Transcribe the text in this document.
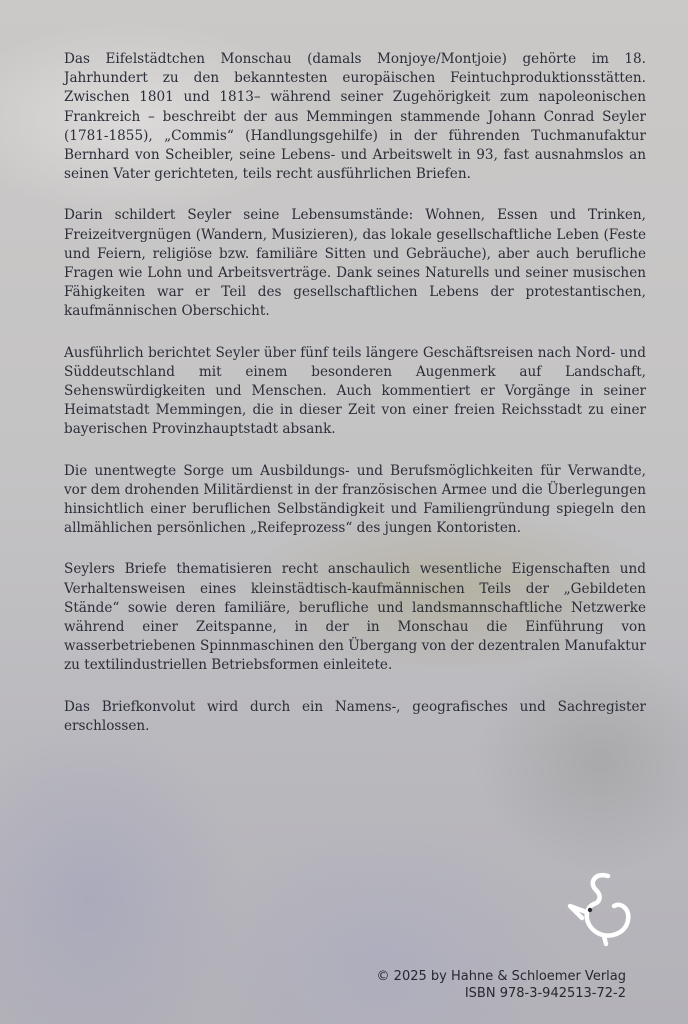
Das Eifelstädtchen Monschau (damals Monjoye/Montjoie) gehörte im 18. Jahrhundert zu den bekanntesten europäischen Feintuchproduktionsstätten. Zwischen 1801 und 1813– während seiner Zugehörigkeit zum napoleonischen Frankreich – beschreibt der aus Memmingen stammende Johann Conrad Seyler (1781-1855), „Commis“ (Handlungsgehilfe) in der führenden Tuchmanufaktur Bernhard von Scheibler, seine Lebens- und Arbeitswelt in 93, fast ausnahmslos an seinen Vater gerichteten, teils recht ausführlichen Briefen.

Darin schildert Seyler seine Lebensumstände: Wohnen, Essen und Trinken, Freizeitvergnügen (Wandern, Musizieren), das lokale gesellschaftliche Leben (Feste und Feiern, religiöse bzw. familiäre Sitten und Gebräuche), aber auch berufliche Fragen wie Lohn und Arbeitsverträge. Dank seines Naturells und seiner musischen Fähigkeiten war er Teil des gesellschaftlichen Lebens der protestantischen, kaufmännischen Oberschicht.

Ausführlich berichtet Seyler über fünf teils längere Geschäftsreisen nach Nord- und Süddeutschland mit einem besonderen Augenmerk auf Landschaft, Sehenswürdigkeiten und Menschen. Auch kommentiert er Vorgänge in seiner Heimatstadt Memmingen, die in dieser Zeit von einer freien Reichsstadt zu einer bayerischen Provinzhauptstadt absank.

Die unentwegte Sorge um Ausbildungs- und Berufsmöglichkeiten für Verwandte, vor dem drohenden Militärdienst in der französischen Armee und die Überlegungen hinsichtlich einer beruflichen Selbständigkeit und Familiengründung spiegeln den allmählichen persönlichen „Reifeprozess“ des jungen Kontoristen.

Seylers Briefe thematisieren recht anschaulich wesentliche Eigenschaften und Verhaltensweisen eines kleinstädtisch-kaufmännischen Teils der „Gebildeten Stände“ sowie deren familiäre, berufliche und landsmannschaftliche Netzwerke während einer Zeitspanne, in der in Monschau die Einführung von wasserbetriebenen Spinnmaschinen den Übergang von der dezentralen Manufaktur zu textilindustriellen Betriebsformen einleitete.

Das Briefkonvolut wird durch ein Namens-, geografisches und Sachregister erschlossen.

© 2025 by Hahne & Schloemer Verlag
ISBN 978-3-942513-72-2
